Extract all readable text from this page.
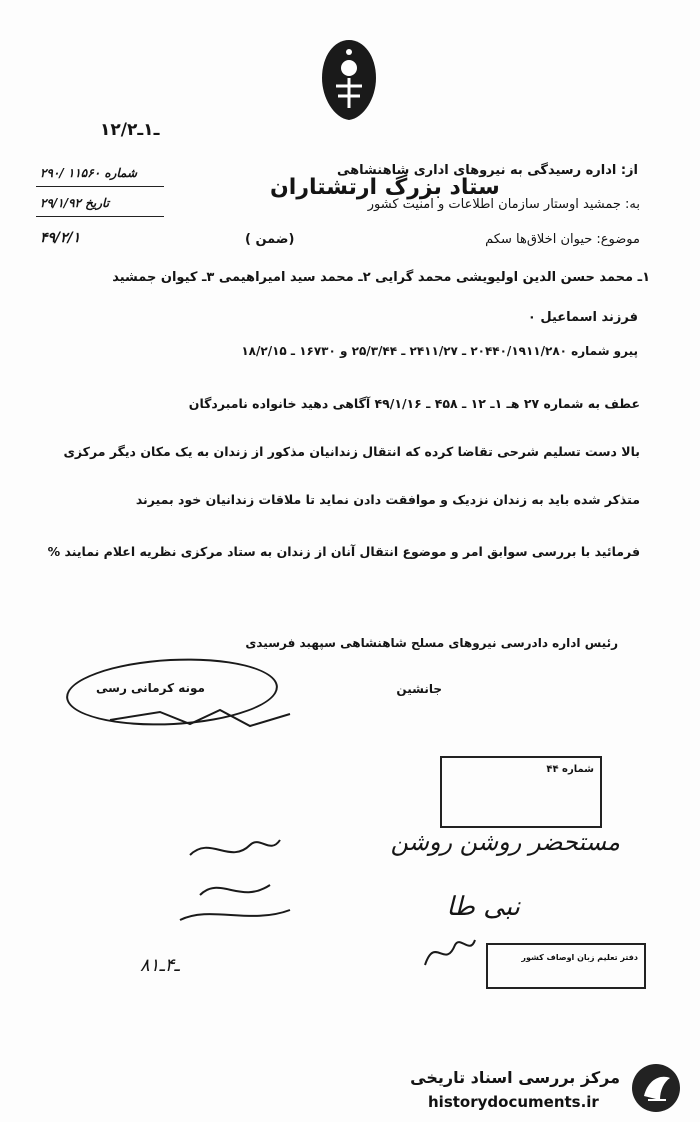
۱ـ۱ـ۲/۲
از: اداره رسیدگی به نیروهای اداری شاهنشاهی
به: جمشید اوستار سازمان اطلاعات و امنیت کشور
موضوع: حیوان اخلاق‌ها سکم
ستاد بزرگ ارتشتاران
شماره ۱۱۵۶۰ /۲۹۰
تاریخ ۲۹/۱/۹۲
۴۹/۲/۱	(ضمن )
۱ـ محمد حسن الدین اولیویشی محمد گرایی ۲ـ محمد سید امیراهیمی ۳ـ کیوان جمشید
فرزند اسماعیل ۰
پیرو شماره ۲۰۴۴۰/۱۹۱۱/۲۸۰ ـ ۲۴۱۱/۲۷ ـ ۲۵/۳/۴۴ و ۱۶۷۳۰ ـ ۱۸/۲/۱۵
عطف به شماره ۲۷ هـ ۱ـ ۱۲ ـ ۴۵۸ ـ ۴۹/۱/۱۶ آگاهی دهید خانواده نامبردگان
بالا دست تسلیم شرحی تقاضا کرده که انتقال زندانیان مذکور از زندان به یک مکان دیگر مرکزی
متذکر شده باید به زندان نزدیک و موافقت دادن نماید تا ملاقات زندانیان خود بمیرند
فرمائید با بررسی سوابق امر و موضوع انتقال آنان از زندان به ستاد مرکزی نظریه اعلام نمایند %
رئیس اداره دادرسی نیروهای مسلح شاهنشاهی سپهبد فرسیدی
جانشین
مونه کرمانی رسی
شماره ۴۴
مستحضر روشن روشن
نبی طا
۸ـ۴ـ۱	دفتر تعلیم زبان اوصاف کشور
مرکز بررسی اسناد تاریخی
historydocuments.ir
